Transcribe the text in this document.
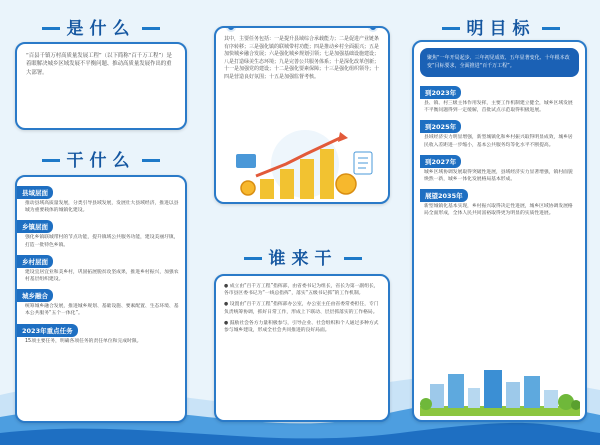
是什么
“百县千镇万村高质量发展工程”（以下简称“百千万工程”）是着眼解决城乡区域发展不平衡问题、推动高质量发展作出的重大部署。
干什么
县域层面
推动县域高质量发展，分类引导县域发展，发展壮大县域经济，推进以县城为重要载体的城镇化建设。
乡镇层面
强化乡镇联城带村的节点功能，提升镇域公共服务功能，建设美丽圩镇，打造一批特色乡镇。
乡村层面
建设宜居宜业和美乡村，巩固拓展脱贫攻坚成果，推进乡村振兴，加强农村基层组织建设。
城乡融合
统筹城乡融合发展，推进城乡规划、基础设施、要素配置、生态环境、基本公共服务“五个一体化”。
2023年重点任务
15项主要任务，明确各项任务的责任单位和完成时限。
其中，主要任务包括：一是提升县域综合承载能力；二是促进产业链条有序转移；三是强化镇的联城带村功能；四是推动乡村全面振兴；五是加快城乡融合发展；六是强化城乡规划引领；七是加强基础设施建设；八是打造绿美生态环境；九是完善公共服务体系；十是深化改革创新；十一是加强党的建设；十二是强化要素保障；十三是强化组织领导；十四是营造良好氛围；十五是加强监督考核。
谁来干
● 成立由“百千万工程”指挥部，由省委书记为组长，省长为第一副组长，各市县区委书记为“一线总指挥”，落实“五级书记抓”的工作机制。
● 设置由“百千万工程”指挥部办公室，办公室主任由省委常委担任，专门负责统筹协调，抓好日常工作，形成上下联动、层层抓落实的工作格局。
● 鼓励社会各方力量积极参与，引导企业、社会组织和个人通过多种方式参与城乡建设，形成全社会共同推进的良好局面。
明目标
聚焦“一年开局起步、三年初见成效、五年显著变化、十年根本改变”目标要求，全面推进“百千万工程”。
到2023年
县、镇、村三级主体作用发挥，主要工作机制建立健全，城乡区域发展不平衡问题得到一定缓解，首批试点示范取得积极进展。
到2025年
县域经济实力明显增强，新型城镇化和乡村振兴取得明显成效，城乡居民收入差距进一步缩小，基本公共服务均等化水平不断提高。
到2027年
城乡区域协调发展取得突破性进展，县域经济实力显著增强，镇村面貌焕然一新，城乡一体化发展格局基本形成。
展望2035年
新型城镇化基本实现，乡村振兴取得决定性进展，城乡区域协调发展格局全面形成，全体人民共同富裕取得更为明显的实质性进展。
